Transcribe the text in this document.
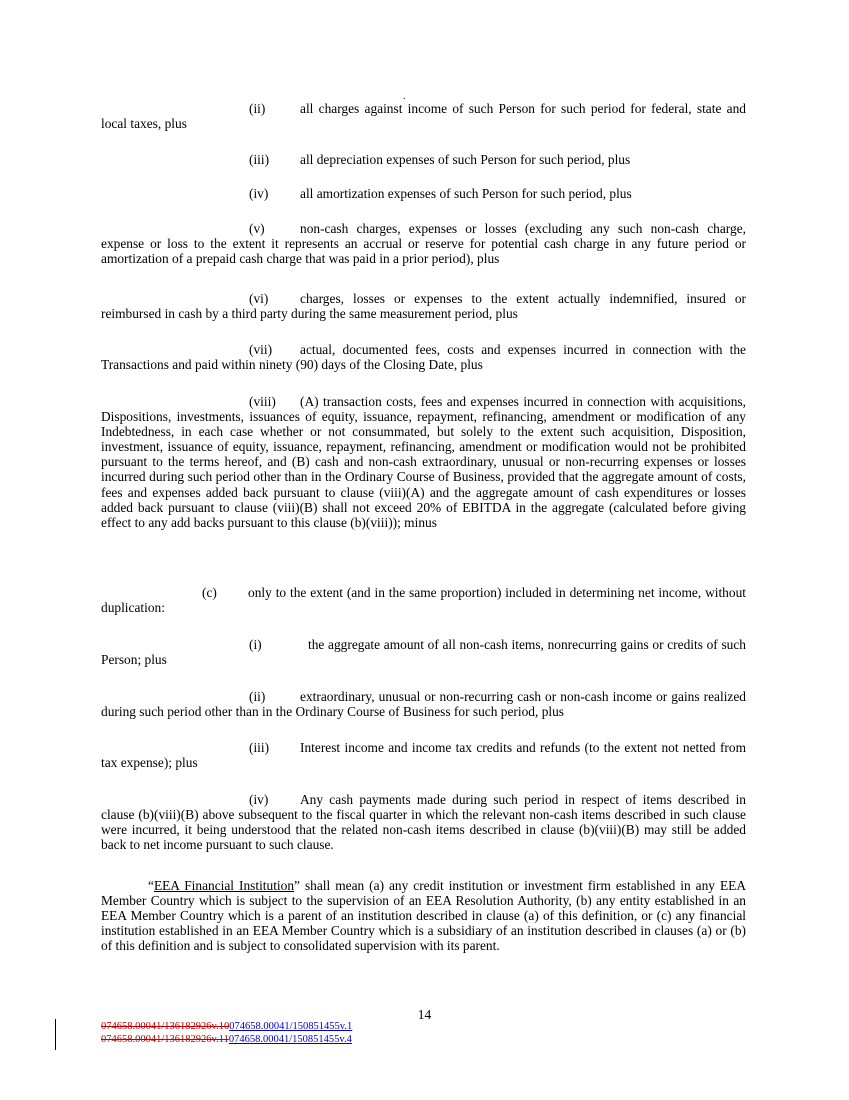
.

(ii)	all charges against income of such Person for such period for federal, state and local taxes, plus

(iii) all depreciation expenses of such Person for such period, plus

(iv) all amortization expenses of such Person for such period, plus

(v)	non-cash charges, expenses or losses (excluding any such non-cash charge, expense or loss to the extent it represents an accrual or reserve for potential cash charge in any future period or amortization of a prepaid cash charge that was paid in a prior period), plus

(vi) charges, losses or expenses to the extent actually indemnified, insured or reimbursed in cash by a third party during the same measurement period, plus

(vii) actual, documented fees, costs and expenses incurred in connection with the Transactions and paid within ninety (90) days of the Closing Date, plus

(viii) (A) transaction costs, fees and expenses incurred in connection with acquisitions, Dispositions, investments, issuances of equity, issuance, repayment, refinancing, amendment or modification of any Indebtedness, in each case whether or not consummated, but solely to the extent such acquisition, Disposition, investment, issuance of equity, issuance, repayment, refinancing, amendment or modification would not be prohibited pursuant to the terms hereof, and (B) cash and non-cash extraordinary, unusual or non-recurring expenses or losses incurred during such period other than in the Ordinary Course of Business, provided that the aggregate amount of costs, fees and expenses added back pursuant to clause (viii)(A) and the aggregate amount of cash expenditures or losses added back pursuant to clause (viii)(B) shall not exceed 20% of EBITDA in the aggregate (calculated before giving effect to any add backs pursuant to this clause (b)(viii)); minus

(c) only to the extent (and in the same proportion) included in determining net income, without duplication:

(i)	the aggregate amount of all non-cash items, nonrecurring gains or credits of such Person; plus

(ii)	extraordinary, unusual or non-recurring cash or non-cash income or gains realized during such period other than in the Ordinary Course of Business for such period, plus

(iii) Interest income and income tax credits and refunds (to the extent not netted from tax expense); plus

(iv) Any cash payments made during such period in respect of items described in clause (b)(viii)(B) above subsequent to the fiscal quarter in which the relevant non-cash items described in such clause were incurred, it being understood that the related non-cash items described in clause (b)(viii)(B) may still be added back to net income pursuant to such clause.

“EEA Financial Institution” shall mean (a) any credit institution or investment firm established in any EEA Member Country which is subject to the supervision of an EEA Resolution Authority, (b) any entity established in an EEA Member Country which is a parent of an institution described in clause (a) of this definition, or (c) any financial institution established in an EEA Member Country which is a subsidiary of an institution described in clauses (a) or (b) of this definition and is subject to consolidated supervision with its parent.

14
074658.00041/136182926v.10074658.00041/150851455v.1
074658.00041/136182926v.11074658.00041/150851455v.4
